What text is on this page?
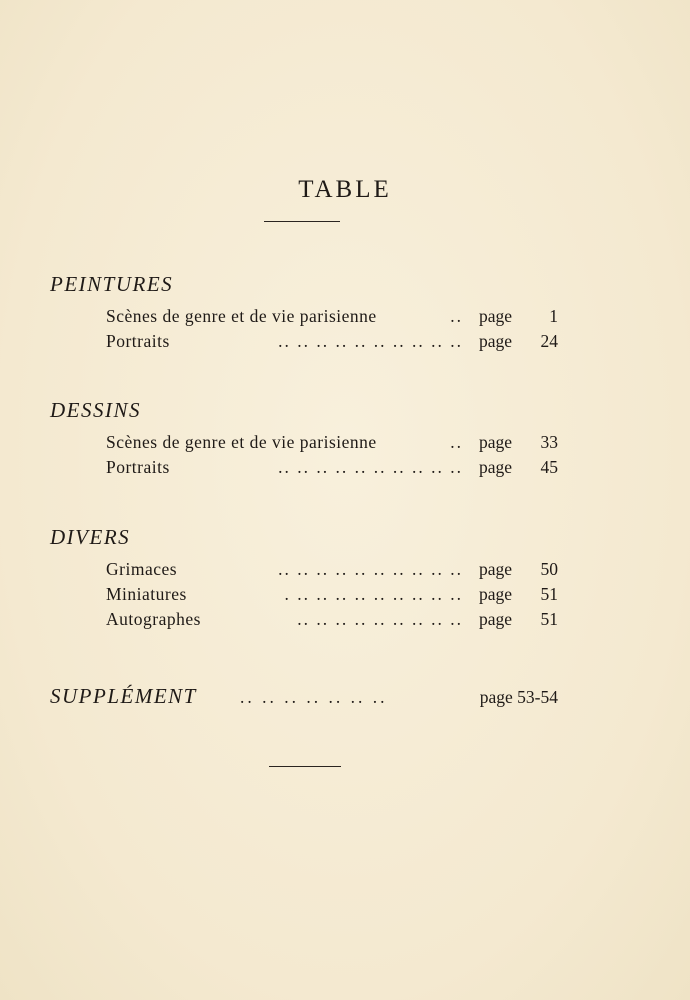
TABLE
PEINTURES
Scènes de genre et de vie parisienne	.. page 1
Portraits	.. .. .. .. .. .. .. .. .. .. page 24
DESSINS
Scènes de genre et de vie parisienne	.. page 33
Portraits	.. .. .. .. .. .. .. .. .. .. page 45
DIVERS
Grimaces	.. .. .. .. .. .. .. .. .. .. page 50
Miniatures	. .. .. .. .. .. .. .. .. .. page 51
Autographes	.. .. .. .. .. .. .. .. .. page 51
SUPPLÉMENT .. .. .. .. .. .. ..	page 53-54
